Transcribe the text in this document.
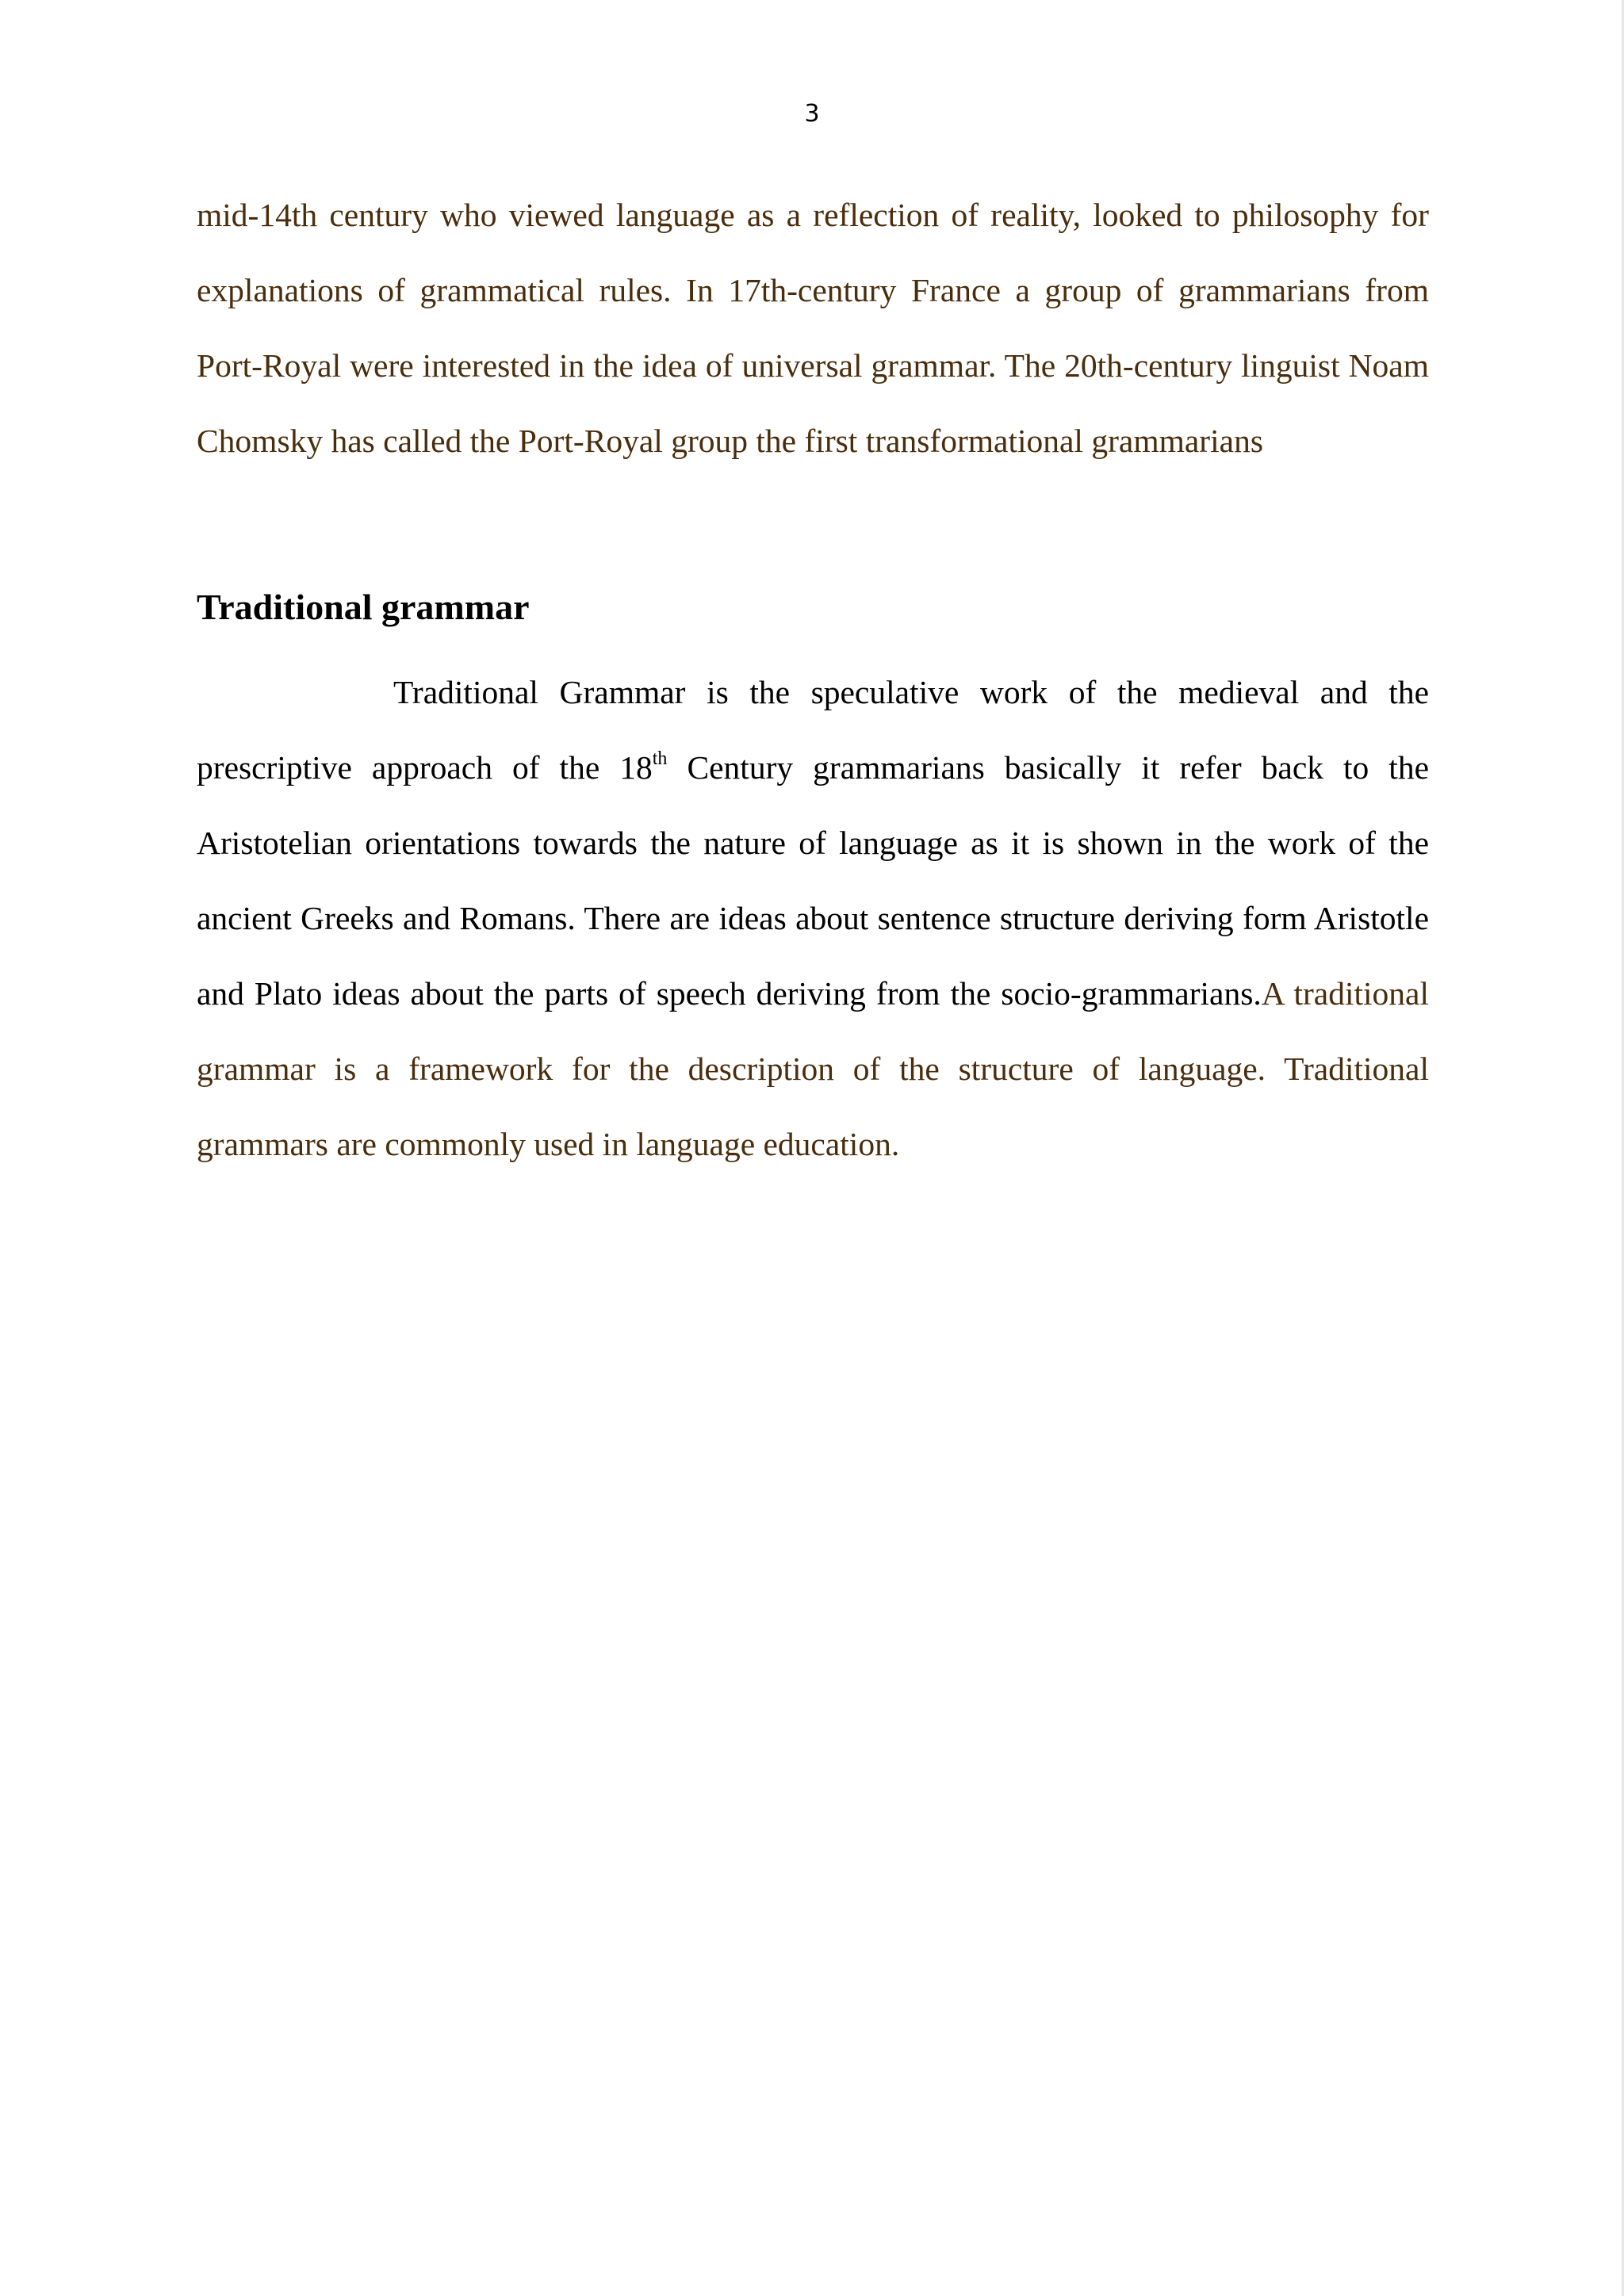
3

mid-14th century who viewed language as a reflection of reality, looked to philosophy for explanations of grammatical rules. In 17th-century France a group of grammarians from Port-Royal were interested in the idea of universal grammar. The 20th-century linguist Noam Chomsky has called the Port-Royal group the first transformational grammarians

Traditional grammar

Traditional Grammar is the speculative work of the medieval and the prescriptive approach of the 18th Century grammarians basically it refer back to the Aristotelian orientations towards the nature of language as it is shown in the work of the ancient Greeks and Romans. There are ideas about sentence structure deriving form Aristotle and Plato ideas about the parts of speech deriving from the socio-grammarians.A traditional grammar is a framework for the description of the structure of language. Traditional grammars are commonly used in language education.
